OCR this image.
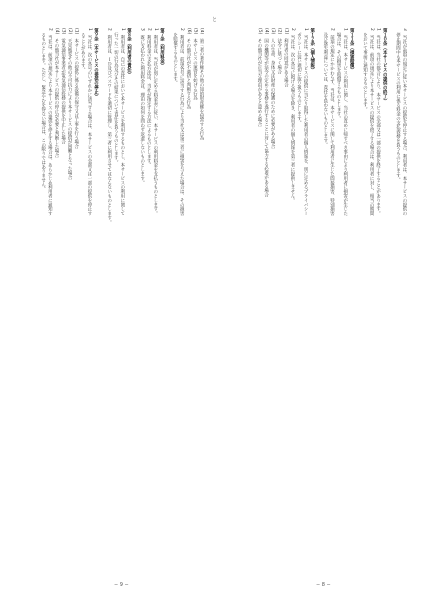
と
3　当社が前項の規定に従い本サービスの提供を停止する場合、利用者は、本サービスの提供の
　停止期間中も本サービスの利用に係る料金の支払義務を負うものとします。

第１０条（本サービスの提供の終了）
1　当社は、当社の都合により、本サービスの全部又は一部の提供を終了することがあります。
2　当社は、前項の規定により本サービスの提供を終了する場合は、利用者に対し、相当の期間
　をおいて事前に通知するものとします。

第１１条（損害賠償）
1　当社は、本サービスの利用に関し、当社の責めに帰すべき事由により利用者に損害が生じた
　場合は、その損害を賠償するものとします。
2　前項の規定にかかわらず、当社は、本サービスに関して利用者に生じた間接損害、特別損害
　及び逸失利益については、責任を負わないものとします。

第１２条（個人情報）
1　当社は、本サービスの提供に当たり取得した利用者の個人情報を、別に定めるプライバシー
　ポリシーに従い適切に取り扱うものとします。
2　当社は、次の各号に掲げる場合を除き、利用者の個人情報を第三者に提供しません。
(1)　利用者の同意がある場合
(2)　法令に基づく場合
(3)　人の生命、身体又は財産の保護のために必要がある場合
(4)　国の機関等が法令の定める事務を遂行することに対して協力する必要がある場合
(5)　その他当社が正当な理由があると認める場合
(4)　第三者の著作権その他の知的財産権を侵害する行為
(5)　本サービスの運営を妨げる行為
(6)　その他当社が不適切と判断する行為
2　利用者は、前項各号に該当する行為により当社又は第三者に損害を与えた場合は、その損害
　を賠償するものとします。

第７条（利用料金）
1　利用者は、当社が別に定める料金表に従い、本サービスの利用料金を支払うものとします。
2　利用料金の支払方法は、当社が指定する方法によるものとします。
3　既に支払われた利用料金は、理由の如何を問わず返還しないものとします。

第８条（利用者の責任）
1　利用者は、自己の責任において本サービスを利用するものとし、本サービスの利用に関して
　行った一切の行為及びその結果について責任を負うものとします。
2　利用者は、ＩＤ及びパスワードを適切に管理し、第三者に利用させてはならないものとします。

第９条（本サービスの提供の停止）
1　当社は、次の各号のいずれかに該当する場合は、本サービスの全部又は一部の提供を停止す
　ることがあります。
(1)　本サービスの提供に係る設備の保守又は工事を行う場合
(2)　天災地変その他の不可抗力により本サービスの提供が困難となった場合
(3)　電気通信事業者が電気通信役務の提供を中止した場合
(4)　その他当社が本サービスの提供の停止が必要と判断した場合
2　当社は、前項の規定により本サービスの提供を停止する場合は、あらかじめ利用者に通知す
　るものとします。ただし、緊急やむを得ない場合は、この限りではありません。
− 8 −
− 9 −
